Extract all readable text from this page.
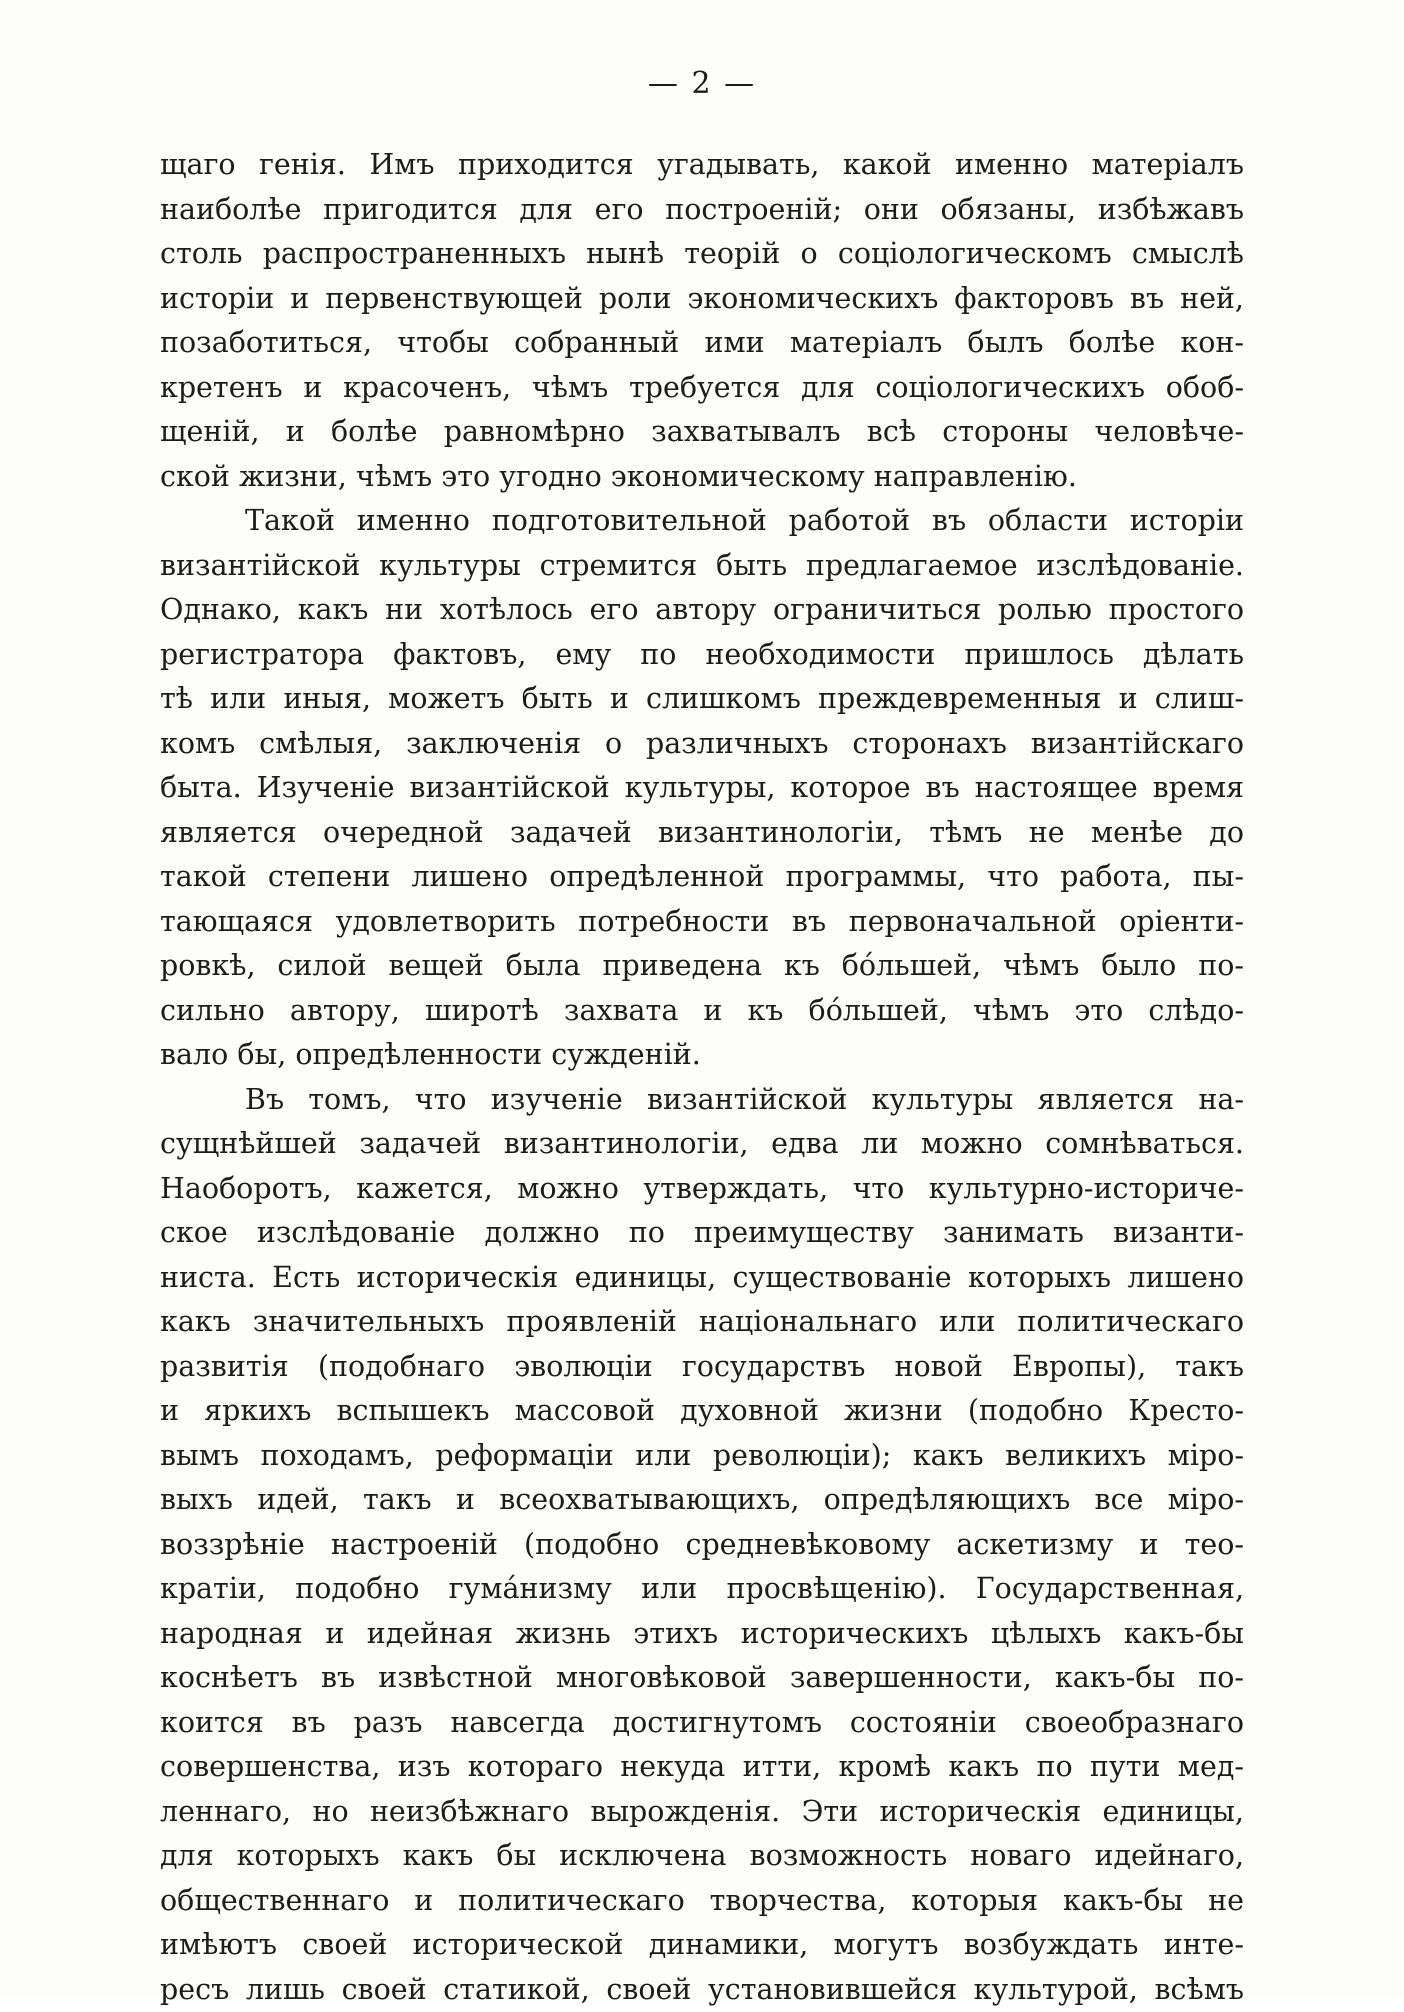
— 2 —
щаго генія. Имъ приходится угадывать, какой именно матеріалъ
наиболѣе пригодится для его построеній; они обязаны, избѣжавъ
столь распространенныхъ нынѣ теорій о соціологическомъ смыслѣ
исторіи и первенствующей роли экономическихъ факторовъ въ ней,
позаботиться, чтобы собранный ими матеріалъ былъ болѣе кон-
кретенъ и красоченъ, чѣмъ требуется для соціологическихъ обоб-
щеній, и болѣе равномѣрно захватывалъ всѣ стороны человѣче-
ской жизни, чѣмъ это угодно экономическому направленію.
Такой именно подготовительной работой въ области исторіи
византійской культуры стремится быть предлагаемое изслѣдованіе.
Однако, какъ ни хотѣлось его автору ограничиться ролью простого
регистратора фактовъ, ему по необходимости пришлось дѣлать
тѣ или иныя, можетъ быть и слишкомъ преждевременныя и слиш-
комъ смѣлыя, заключенія о различныхъ сторонахъ византійскаго
быта. Изученіе византійской культуры, которое въ настоящее время
является очередной задачей византинологіи, тѣмъ не менѣе до
такой степени лишено опредѣленной программы, что работа, пы-
тающаяся удовлетворить потребности въ первоначальной оріенти-
ровкѣ, силой вещей была приведена къ бо́льшей, чѣмъ было по-
сильно автору, широтѣ захвата и къ бо́льшей, чѣмъ это слѣдо-
вало бы, опредѣленности сужденій.
Въ томъ, что изученіе византійской культуры является на-
сущнѣйшей задачей византинологіи, едва ли можно сомнѣваться.
Наоборотъ, кажется, можно утверждать, что культурно-историче-
ское изслѣдованіе должно по преимуществу занимать византи-
ниста. Есть историческія единицы, существованіе которыхъ лишено
какъ значительныхъ проявленій національнаго или политическаго
развитія (подобнаго эволюціи государствъ новой Европы), такъ
и яркихъ вспышекъ массовой духовной жизни (подобно Кресто-
вымъ походамъ, реформаціи или революціи); какъ великихъ міро-
выхъ идей, такъ и всеохватывающихъ, опредѣляющихъ все міро-
воззрѣніе настроеній (подобно средневѣковому аскетизму и тео-
кратіи, подобно гума́низму или просвѣщенію). Государственная,
народная и идейная жизнь этихъ историческихъ цѣлыхъ какъ-бы
коснѣетъ въ извѣстной многовѣковой завершенности, какъ-бы по-
коится въ разъ навсегда достигнутомъ состояніи своеобразнаго
совершенства, изъ котораго некуда итти, кромѣ какъ по пути мед-
леннаго, но неизбѣжнаго вырожденія. Эти историческія единицы,
для которыхъ какъ бы исключена возможность новаго идейнаго,
общественнаго и политическаго творчества, которыя какъ-бы не
имѣютъ своей исторической динамики, могутъ возбуждать инте-
ресъ лишь своей статикой, своей установившейся культурой, всѣмъ
